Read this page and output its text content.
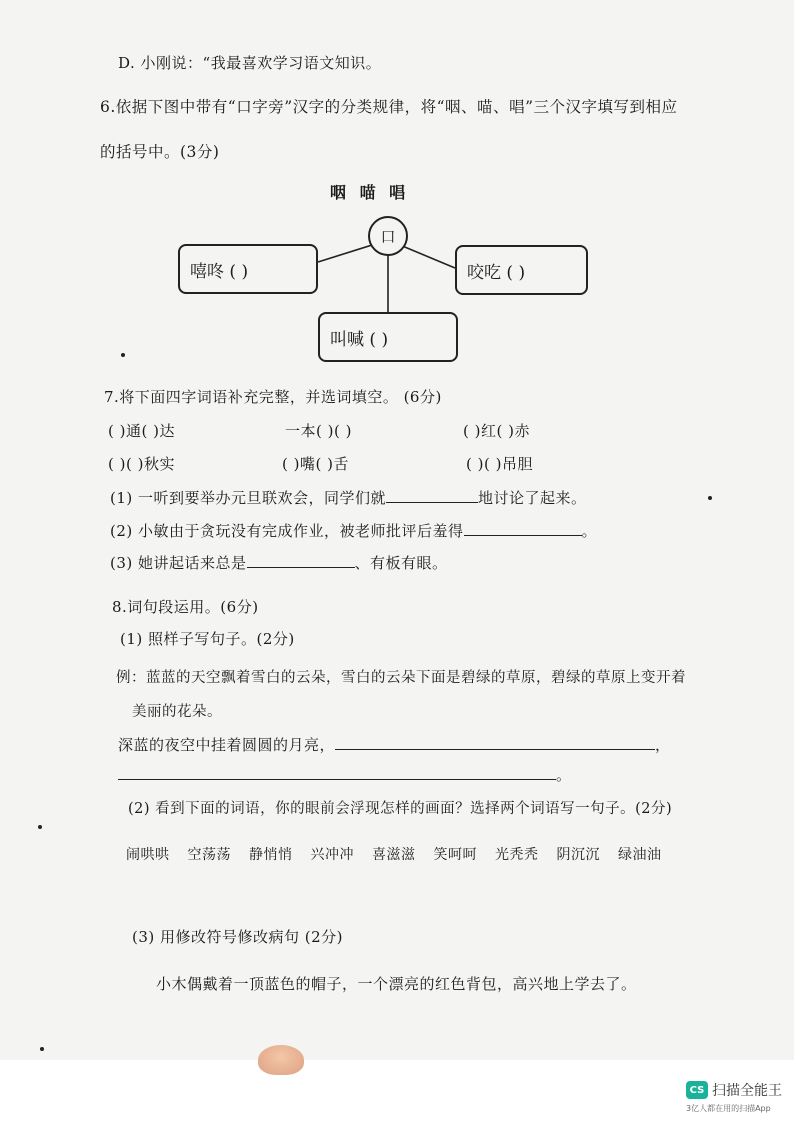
D. 小刚说：“我最喜欢学习语文知识。
6.依据下图中带有“口字旁”汉字的分类规律，将“咽、喵、唱”三个汉字填写到相应
的括号中。(3分)
咽 喵 唱
口
嘻咚 ( )	咬吃 ( )
叫喊 ( )
7.将下面四字词语补充完整，并选词填空。 (6分)
( )通( )达	一本( )( )	( )红( )赤
( )( )秋实	( )嘴( )舌	( )( )吊胆
(1) 一听到要举办元旦联欢会，同学们就	地讨论了起来。
(2) 小敏由于贪玩没有完成作业，被老师批评后羞得	。
(3) 她讲起话来总是	、有板有眼。
8.词句段运用。(6分)
(1) 照样子写句子。(2分)
例：蓝蓝的天空飘着雪白的云朵，雪白的云朵下面是碧绿的草原，碧绿的草原上变开着
美丽的花朵。
深蓝的夜空中挂着圆圆的月亮，	，
。
(2) 看到下面的词语，你的眼前会浮现怎样的画面？选择两个词语写一句子。(2分)
闹哄哄 空荡荡 静悄悄 兴冲冲 喜滋滋 笑呵呵 光秃秃 阴沉沉 绿油油
(3) 用修改符号修改病句 (2分)
小木偶戴着一顶蓝色的帽子，一个漂亮的红色背包，高兴地上学去了。
CS 扫描全能王
3亿人都在用的扫描App
